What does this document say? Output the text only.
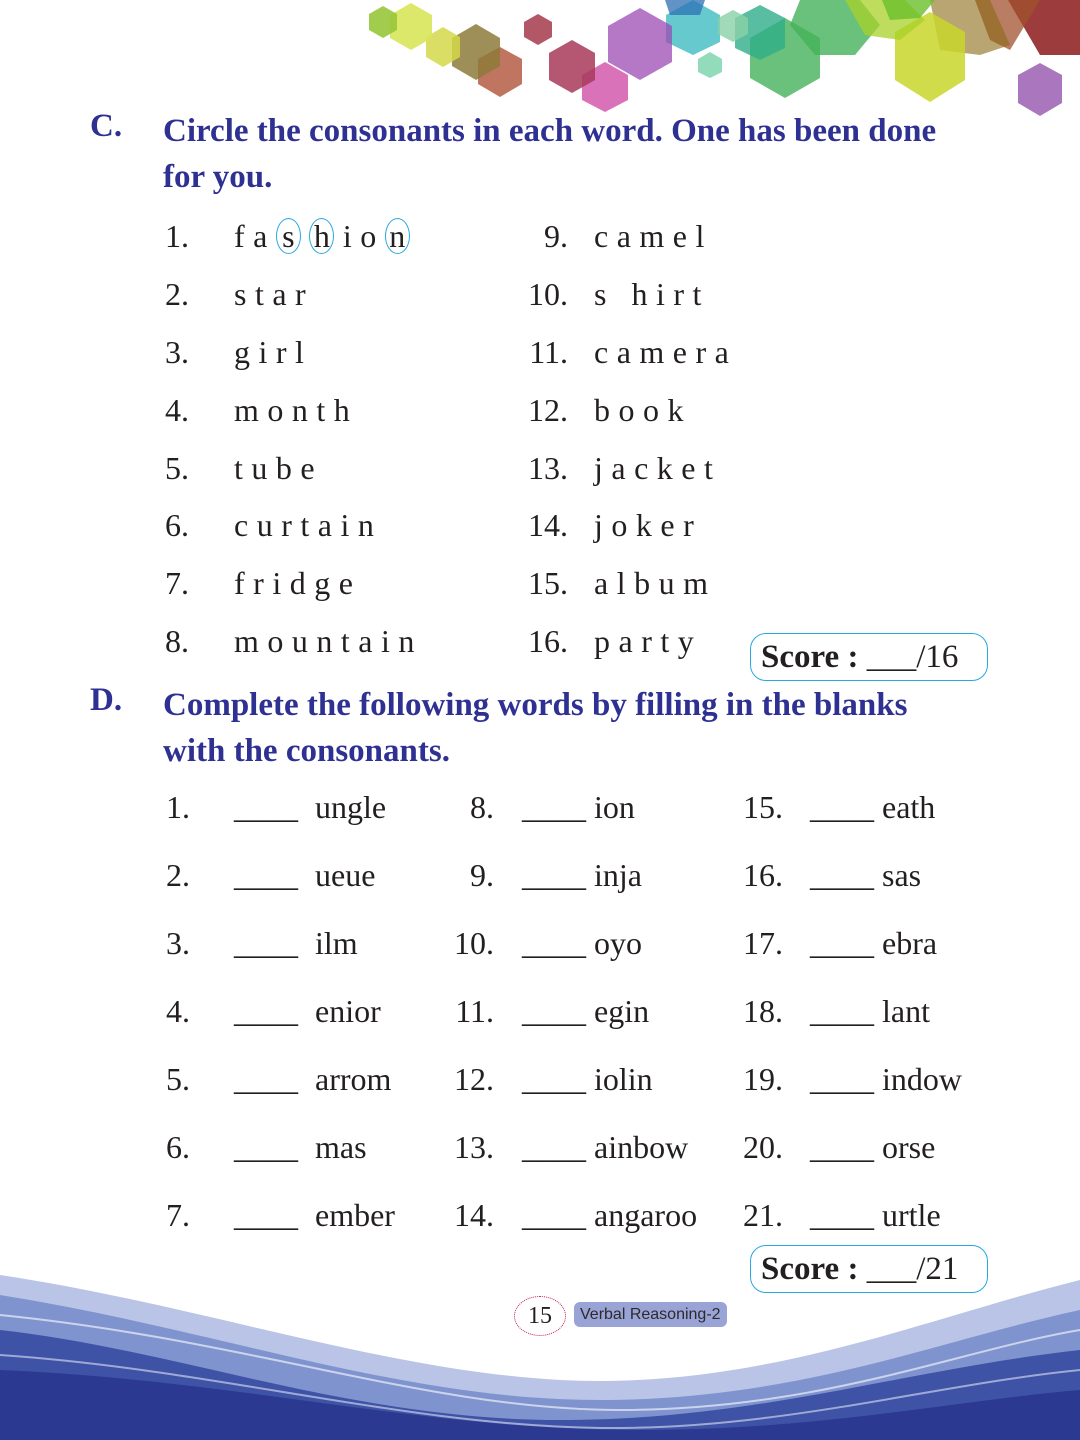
C. Circle the consonants in each word. One has been done
for you.
1. f a s h i o n
2. star
3. girl
4. month
5. tube
6. curtain
7. fridge
8. mountain
9. camel
10. s hirt
11. camera
12. book
13. jacket
14. joker
15. album
16. party	Score : ___/16
D. Complete the following words by filling in the blanks
with the consonants.
1. ____ ungle
2. ____ ueue
3. ____ ilm
4. ____ enior
5. ____ arrom
6. ____ mas
7. ____ ember
8. ____ ion
9. ____ inja
10. ____ oyo
11. ____ egin
12. ____ iolin
13. ____ ainbow
14. ____ angaroo
15. ____ eath
16. ____ sas
17. ____ ebra
18. ____ lant
19. ____ indow
20. ____ orse
21. ____ urtle
Score : ___/21
15	Verbal Reasoning-2
